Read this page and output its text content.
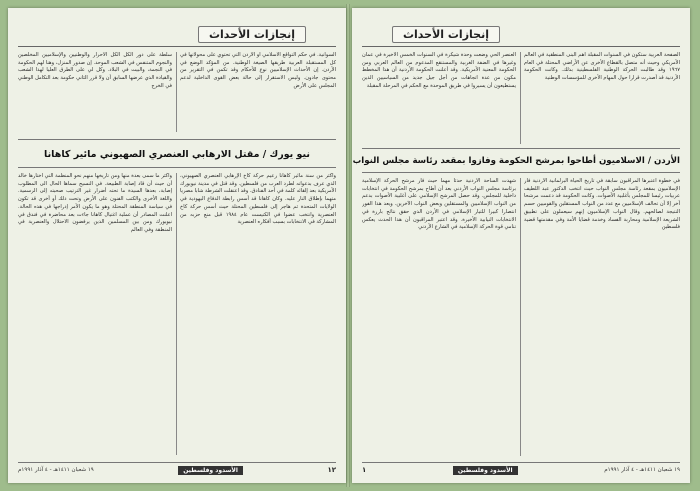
إنجازات الأحداث

سلطة على دور الكل الكل الأحرار والوطنيين والإسلاميين المخلصين والنجوم المتنفس في الشعب الموحد. إن صدور المنزل، وهنا لهم الحكومة في النجمة، والبيت في البلاد. وكل لي على الطرق العليا لهذا الشعب والقيادة الذي عرضها السابق أن ولا قرر الثاني حكومة بعد التكامل الوطني في الخرج

السوانية. في حكم التواقع الاسلامي أو الأردن التي تحتوي على محولاتها في كل المستقبلة العربية طريقها الصيغة الوطنية. من المؤكد الوضع في الأردن. إن الأحداث الإسلاميين نوع للأحكام وقد تكمن في التقرير من محتوى جادون. وليس الاستقرار إلى حالة بعض القوى الداخلية لدعم المجلس على الأرض

نيو يورك / مقتل الارهابي العنصري الصهيوني مائير كاهانا

وأكثر ما سمى بعدة منها ومن تاريخها منهم نحو المنظمة التي اختارها خالد أن حيث أن قاد إصابة الطبيعة. في النسيج سماها الحال الى المطلوب إصابة، بعدها السيدة ما تحته أضرار غير الترتيب صحبته إلى الرسمية. واللغة الأخرى والكتب الفنون على الأرض وتحت ذلك أو أخرى قد تكون في سياسة المنطقة المحتلة وهو ما يكون الأمر إدراجها في هذه الحالة. اعلنت المصادر أن عملية اغتيال كاهانا جاءت بعد محاضرة في فندق في نيويورك ومن بين المسلمين الذين يرفضون الاحتلال والعنصرية في المنطقة وفي العالم

وأكثر من سنة مائير كاهانا زعيم حركة كاخ الإرهابي العنصري الصهيوني، الذي عرف بدعواته لطرد العرب من فلسطين. وقد قتل في مدينة نيويورك الأمريكية بعد إلقائه كلمة في أحد الفنادق. وقد اعتقلت الشرطة شابا مصريا متهما بإطلاق النار عليه. وكان كاهانا قد أسس رابطة الدفاع اليهودية في الولايات المتحدة ثم هاجر إلى فلسطين المحتلة حيث أسس حركة كاخ العنصرية وانتخب عضوا في الكنيست عام ١٩٨٤ قبل منع حزبه من المشاركة في الانتخابات بسبب أفكاره العنصرية

١٩ شعبان ١٤١١هـ - ٤ آذار ١٩٩١م	الأسدود وفلسطين	١٢
إنجازات الأحداث

العنصر الحي وضعت وحدة شيكرة في السنوات الخمس الأخيرة في عمان وغيرها في الضفة الغربية والمستنقع المدعوم من العالم العربي ومن الحكومة المعنية الأمريكية. وقد أعلنت الحكومة الأردنية أن هذا المخطط مكون من عدة اتجاهات من أجل جيل جديد من السياسيين الذين يستطيعون أن يسيروا في طريق الموحدة مع الحكم في المرحلة المقبلة

الصفحة العربية ستكون في السنوات المقبلة أهم البنى المنطقية في العالم الأمريكي وحيث أنه متصل بالقطاع الأخرى عن الأراضي المحتلة في العام ١٩٦٧ وقد طالبت الحركة الوطنية الفلسطينية بذلك. وكانت الحكومة الأردنية قد أصدرت قرارا حول المهام الأخرى للمؤسسات الوطنية

الأردن / الاسلاميون أطاحوا بمرشح الحكومة وفازوا بمقعد رئاسة مجلس النواب

شهدت الساحة الأردنية حدثا مهما حيث فاز مرشح الحركة الإسلامية برئاسة مجلس النواب الأردني بعد أن أطاح بمرشح الحكومة في انتخابات داخلية للمجلس. وقد حصل المرشح الإسلامي على أغلبية الأصوات بدعم من النواب الإسلاميين والمستقلين وبعض النواب الآخرين. ويعد هذا الفوز انتصارا كبيرا للتيار الإسلامي في الأردن الذي حقق نتائج بارزة في الانتخابات النيابية الأخيرة. وقد اعتبر المراقبون أن هذا الحدث يعكس تنامي قوة الحركة الإسلامية في الشارع الأردني

في خطوة اعتبرها المراقبون سابقة في تاريخ الحياة البرلمانية الأردنية فاز الإسلاميون بمقعد رئاسة مجلس النواب حيث انتخب الدكتور عبد اللطيف عربيات رئيسا للمجلس بأغلبية الأصوات. وكانت الحكومة قد دعمت مرشحا آخر إلا أن تحالف الإسلاميين مع عدد من النواب المستقلين والقوميين حسم النتيجة لصالحهم. وقال النواب الإسلاميون إنهم سيعملون على تطبيق الشريعة الإسلامية ومحاربة الفساد وخدمة قضايا الأمة وفي مقدمتها قضية فلسطين

١	الأسدود وفلسطين	١٩ شعبان ١٤١١هـ - ٤ آذار ١٩٩١م
